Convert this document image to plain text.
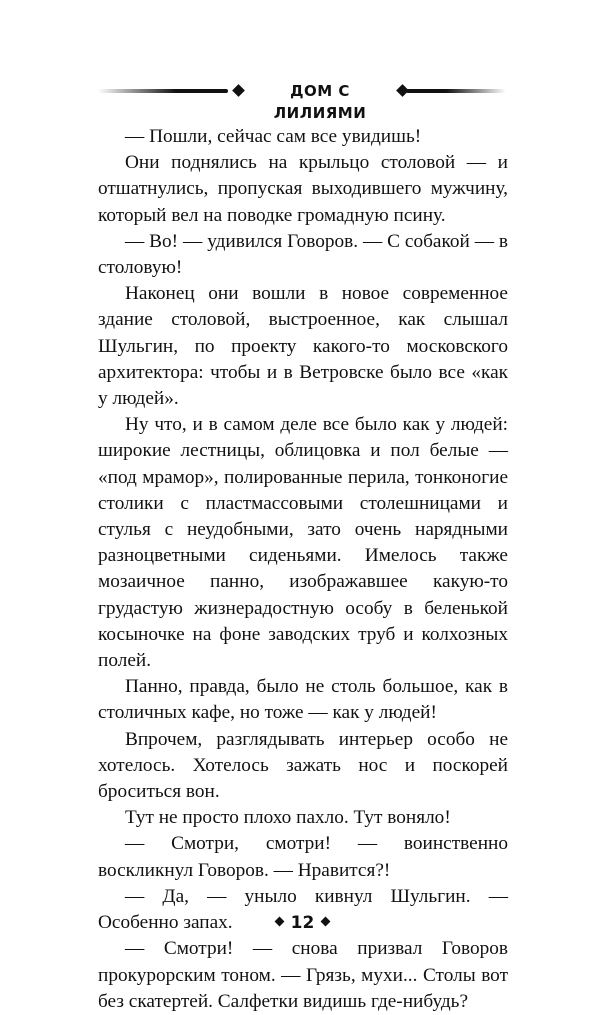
ДОМ С ЛИЛИЯМИ

— Пошли, сейчас сам все увидишь!

Они поднялись на крыльцо столовой — и отшатнулись, пропуская выходившего мужчину, который вел на поводке громадную псину.

— Во! — удивился Говоров. — С собакой — в столовую!

Наконец они вошли в новое современное здание столовой, выстроенное, как слышал Шульгин, по проекту какого-то московского архитектора: чтобы и в Ветровске было все «как у людей».

Ну что, и в самом деле все было как у людей: широкие лестницы, облицовка и пол белые — «под мрамор», полированные перила, тонконогие столики с пластмассовыми столешницами и стулья с неудобными, зато очень нарядными разноцветными сиденьями. Имелось также мозаичное панно, изображавшее какую-то грудастую жизнерадостную особу в беленькой косыночке на фоне заводских труб и колхозных полей.

Панно, правда, было не столь большое, как в столичных кафе, но тоже — как у людей!

Впрочем, разглядывать интерьер особо не хотелось. Хотелось зажать нос и поскорей броситься вон.

Тут не просто плохо пахло. Тут воняло!

— Смотри, смотри! — воинственно воскликнул Говоров. — Нравится?!

— Да, — уныло кивнул Шульгин. — Особенно запах.

— Смотри! — снова призвал Говоров прокурорским тоном. — Грязь, мухи... Столы вот без скатертей. Салфетки видишь где-нибудь?

12
